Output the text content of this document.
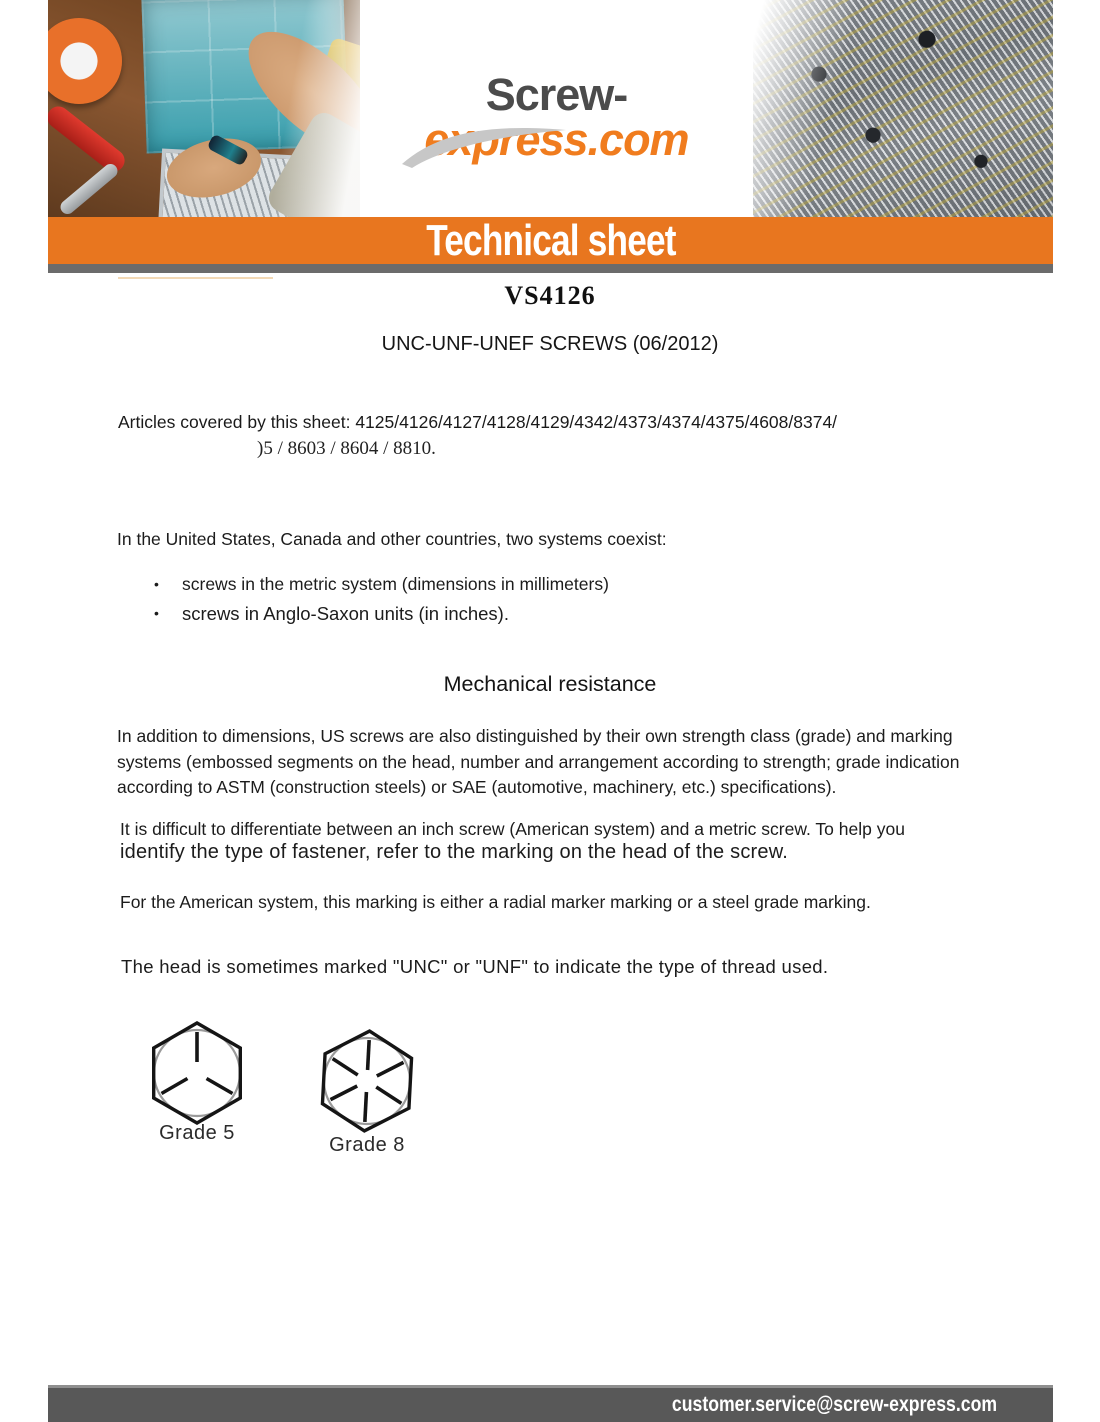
Screw-express.com
Technical sheet
VS4126
UNC-UNF-UNEF SCREWS (06/2012)
Articles covered by this sheet: 4125/4126/4127/4128/4129/4342/4373/4374/4375/4608/8374/
)5 / 8603 / 8604 / 8810.
In the United States, Canada and other countries, two systems coexist:
• screws in the metric system (dimensions in millimeters)
• screws in Anglo-Saxon units (in inches).
Mechanical resistance
In addition to dimensions, US screws are also distinguished by their own strength class (grade) and marking
systems (embossed segments on the head, number and arrangement according to strength; grade indication
according to ASTM (construction steels) or SAE (automotive, machinery, etc.) specifications).
It is difficult to differentiate between an inch screw (American system) and a metric screw. To help you
identify the type of fastener, refer to the marking on the head of the screw.
For the American system, this marking is either a radial marker marking or a steel grade marking.
The head is sometimes marked "UNC" or "UNF" to indicate the type of thread used.
Grade 5
Grade 8
customer.service@screw-express.com
